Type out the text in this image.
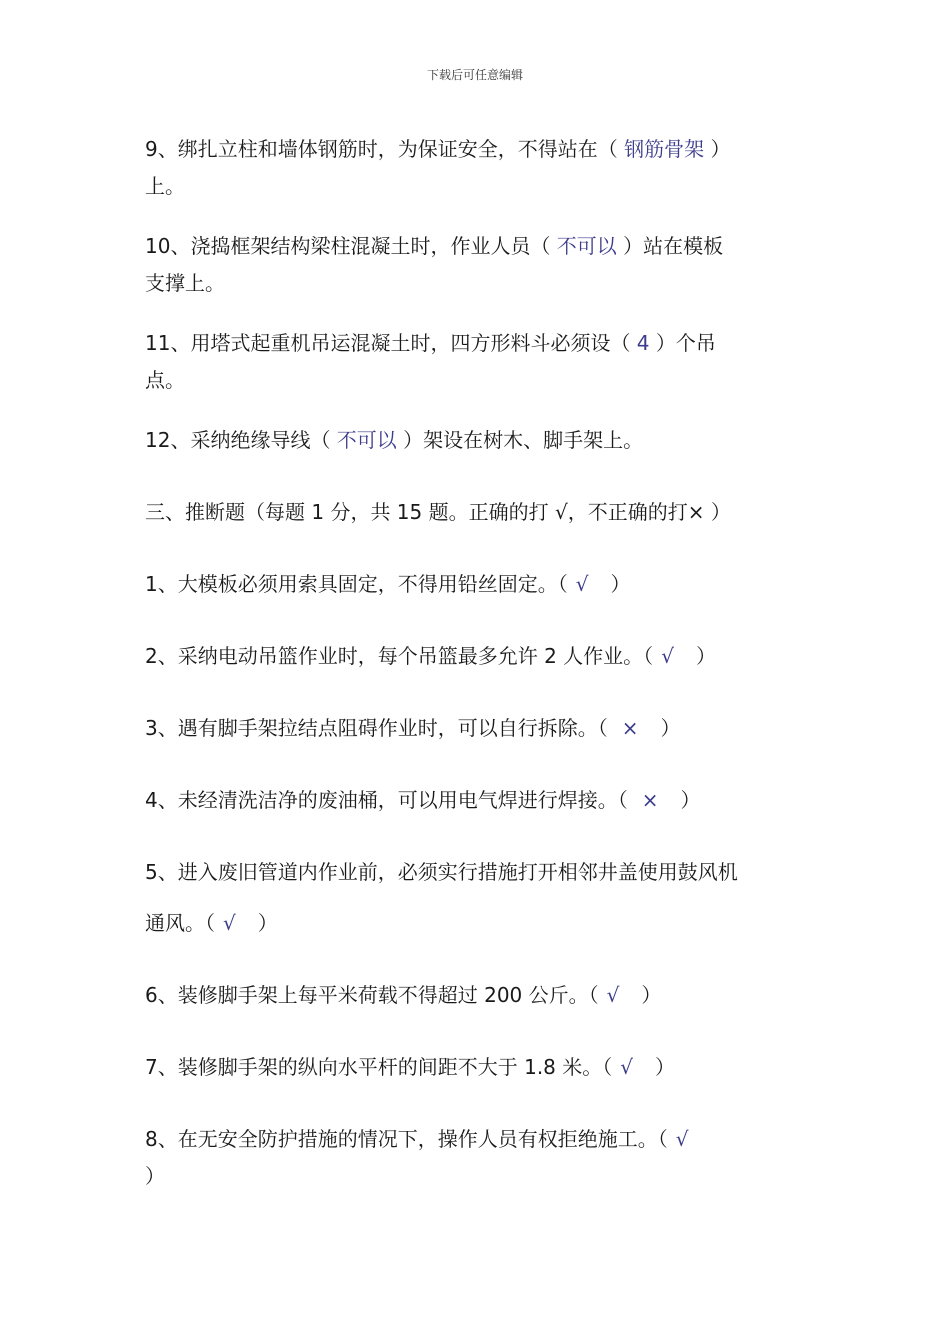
下载后可任意编辑
9、绑扎立柱和墙体钢筋时，为保证安全，不得站在（ 钢筋骨架 ）
上。
10、浇捣框架结构梁柱混凝土时，作业人员（ 不可以 ）站在模板
支撑上。
11、用塔式起重机吊运混凝土时，四方形料斗必须设（ 4 ）个吊
点。
12、采纳绝缘导线（ 不可以 ）架设在树木、脚手架上。
三、推断题（每题 1 分，共 15 题。正确的打 √，不正确的打× ）
1、大模板必须用索具固定，不得用铅丝固定。（ √ ）
2、采纳电动吊篮作业时，每个吊篮最多允许 2 人作业。（ √ ）
3、遇有脚手架拉结点阻碍作业时，可以自行拆除。（ × ）
4、未经清洗洁净的废油桶，可以用电气焊进行焊接。（ × ）
5、进入废旧管道内作业前，必须实行措施打开相邻井盖使用鼓风机
通风。（ √ ）
6、装修脚手架上每平米荷载不得超过 200 公斤。（ √ ）
7、装修脚手架的纵向水平杆的间距不大于 1.8 米。（ √ ）
8、在无安全防护措施的情况下，操作人员有权拒绝施工。（ √
）
